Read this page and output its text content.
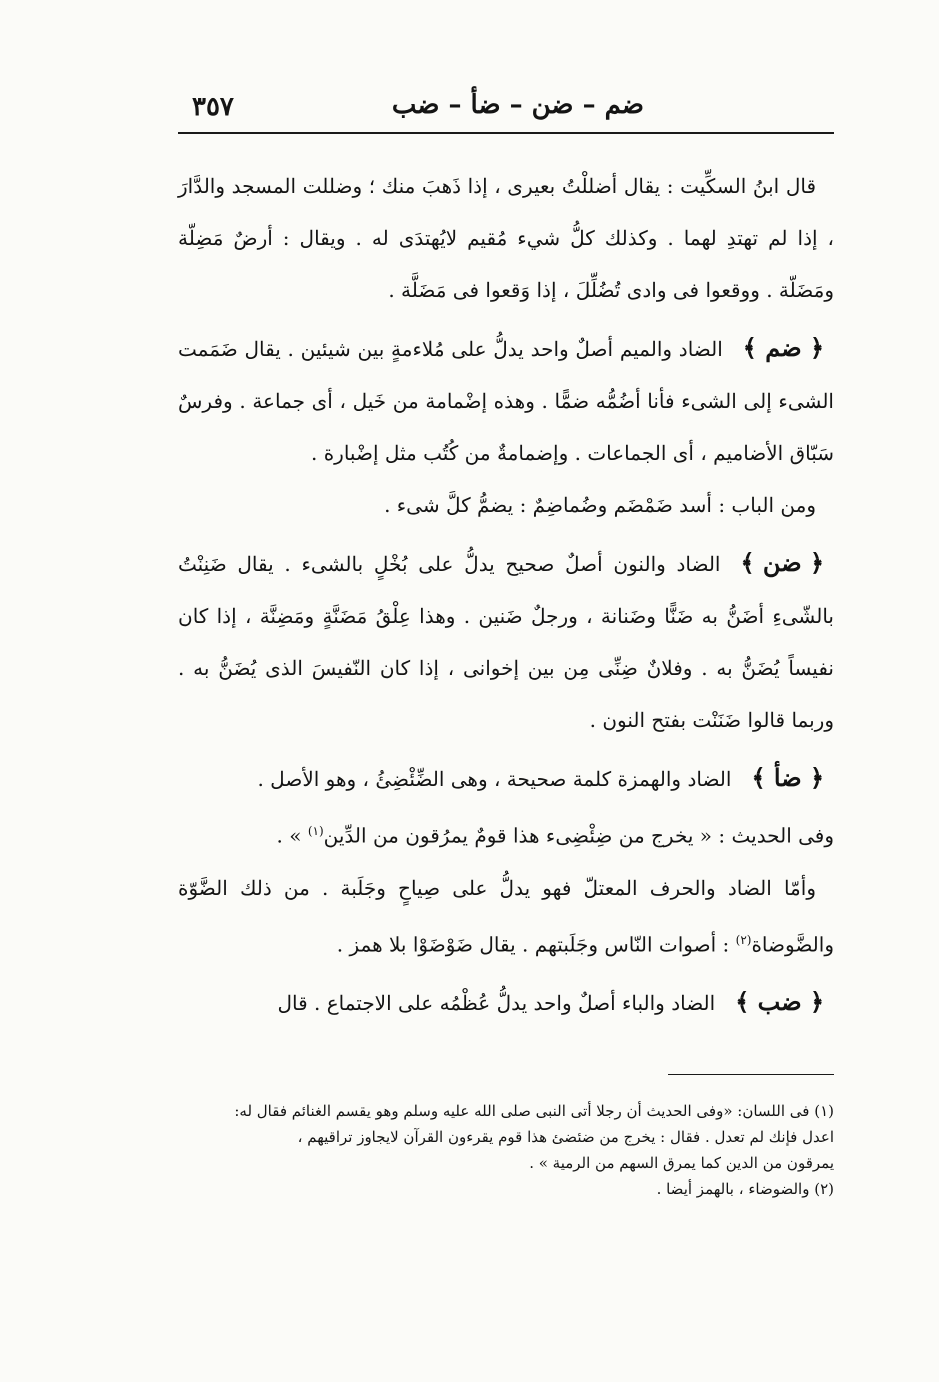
٣٥٧	ضم – ضن – ضأ – ضب

قال ابنُ السكِّيت : يقال أضللْتُ بعيرى ، إذا ذَهبَ منك ؛ وضللت المسجد والدَّارَ ، إذا لم تهتدِ لهما . وكذلك كلُّ شيء مُقيم لايُهتدَى له . ويقال : أرضٌ مَضِلّة ومَضَلّة . ووقعوا فى وادى تُضُلِّلَ ، إذا وَقعوا فى مَضَلَّة .

﴿ ضم ﴾الضاد والميم أصلٌ واحد يدلُّ على مُلاءمةٍ بين شيئين . يقال ضَمَمت الشىء إلى الشىء فأنا أضُمُّه ضمًّا . وهذه إضْمامة من خَيل ، أى جماعة . وفرسٌ سَبّاق الأضاميم ، أى الجماعات . وإضمامةٌ من كُتُب مثل إضْبارة .

ومن الباب : أسد ضَمْضَم وضُماضِمٌ : يضمُّ كلَّ شىء .

﴿ ضن ﴾الضاد والنون أصلٌ صحيح يدلُّ على بُخْلٍ بالشىء . يقال ضَنِنْتُ بالشّىءِ أضَنُّ به ضَنًّا وضَنانة ، ورجلٌ ضَنين . وهذا عِلْقُ مَضَنَّةٍ ومَضِنَّة ، إذا كان نفيساً يُضَنُّ به . وفلانٌ ضِنِّى مِن بين إخوانى ، إذا كان النّفيسَ الذى يُضَنُّ به . وربما قالوا ضَنَنْت بفتح النون .

﴿ ضأ ﴾الضاد والهمزة كلمة صحيحة ، وهى الضِّئْضِئُ ، وهو الأصل .
وفى الحديث : « يخرج من ضِئْضِىء هذا قومٌ يمرُقون من الدِّين$^{(١)}$ » .

وأمّا الضاد والحرف المعتلّ فهو يدلُّ على صِياحٍ وجَلَبة . من ذلك الضَّوّة والضَّوضاة$^{(٢)}$ : أصوات النّاس وجَلَبتهم . يقال ضَوْضَوْا بلا همز .

﴿ ضب ﴾الضاد والباء أصلٌ واحد يدلُّ عُظْمُه على الاجتماع . قال

(١) فى اللسان: «وفى الحديث أن رجلا أتى النبى صلى الله عليه وسلم وهو يقسم الغنائم فقال له:

اعدل فإنك لم تعدل . فقال : يخرج من ضئضئ هذا قوم يقرءون القرآن لايجاوز تراقيهم ،

يمرقون من الدين كما يمرق السهم من الرمية » .

(٢) والضوضاء ، بالهمز أيضا .
